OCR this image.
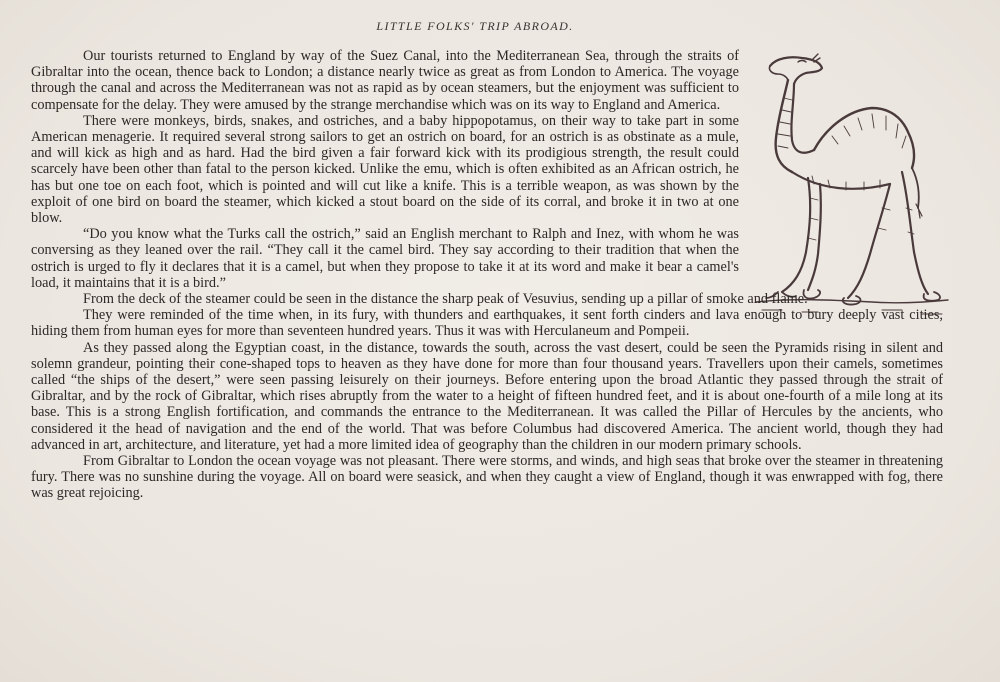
LITTLE FOLKS' TRIP ABROAD.

Our tourists returned to England by way of the Suez Canal, into the Mediterranean Sea, through the straits of Gibraltar into the ocean, thence back to London; a distance nearly twice as great as from London to America. The voyage through the canal and across the Mediterranean was not as rapid as by ocean steamers, but the enjoyment was sufficient to compensate for the delay. They were amused by the strange merchandise which was on its way to England and America.

There were monkeys, birds, snakes, and ostriches, and a baby hippopotamus, on their way to take part in some American menagerie. It required several strong sailors to get an ostrich on board, for an ostrich is as obstinate as a mule, and will kick as high and as hard. Had the bird given a fair forward kick with its prodigious strength, the result could scarcely have been other than fatal to the person kicked. Unlike the emu, which is often exhibited as an African ostrich, he has but one toe on each foot, which is pointed and will cut like a knife. This is a terrible weapon, as was shown by the exploit of one bird on board the steamer, which kicked a stout board on the side of its corral, and broke it in two at one blow.

“Do you know what the Turks call the ostrich,” said an English merchant to Ralph and Inez, with whom he was conversing as they leaned over the rail. “They call it the camel bird. They say according to their tradition that when the ostrich is urged to fly it declares that it is a camel, but when they propose to take it at its word and make it bear a camel's load, it maintains that it is a bird.”

From the deck of the steamer could be seen in the distance the sharp peak of Vesuvius, sending up a pillar of smoke and flame.

They were reminded of the time when, in its fury, with thunders and earthquakes, it sent forth cinders and lava enough to bury deeply vast cities, hiding them from human eyes for more than seventeen hundred years. Thus it was with Herculaneum and Pompeii.

As they passed along the Egyptian coast, in the distance, towards the south, across the vast desert, could be seen the Pyramids rising in silent and solemn grandeur, pointing their cone-shaped tops to heaven as they have done for more than four thousand years. Travellers upon their camels, sometimes called “the ships of the desert,” were seen passing leisurely on their journeys. Before entering upon the broad Atlantic they passed through the strait of Gibraltar, and by the rock of Gibraltar, which rises abruptly from the water to a height of fifteen hundred feet, and it is about one-fourth of a mile long at its base. This is a strong English fortification, and commands the entrance to the Mediterranean. It was called the Pillar of Hercules by the ancients, who considered it the head of navigation and the end of the world. That was before Columbus had discovered America. The ancient world, though they had advanced in art, architecture, and literature, yet had a more limited idea of geography than the children in our modern primary schools.

From Gibraltar to London the ocean voyage was not pleasant. There were storms, and winds, and high seas that broke over the steamer in threatening fury. There was no sunshine during the voyage. All on board were seasick, and when they caught a view of England, though it was enwrapped with fog, there was great rejoicing.
